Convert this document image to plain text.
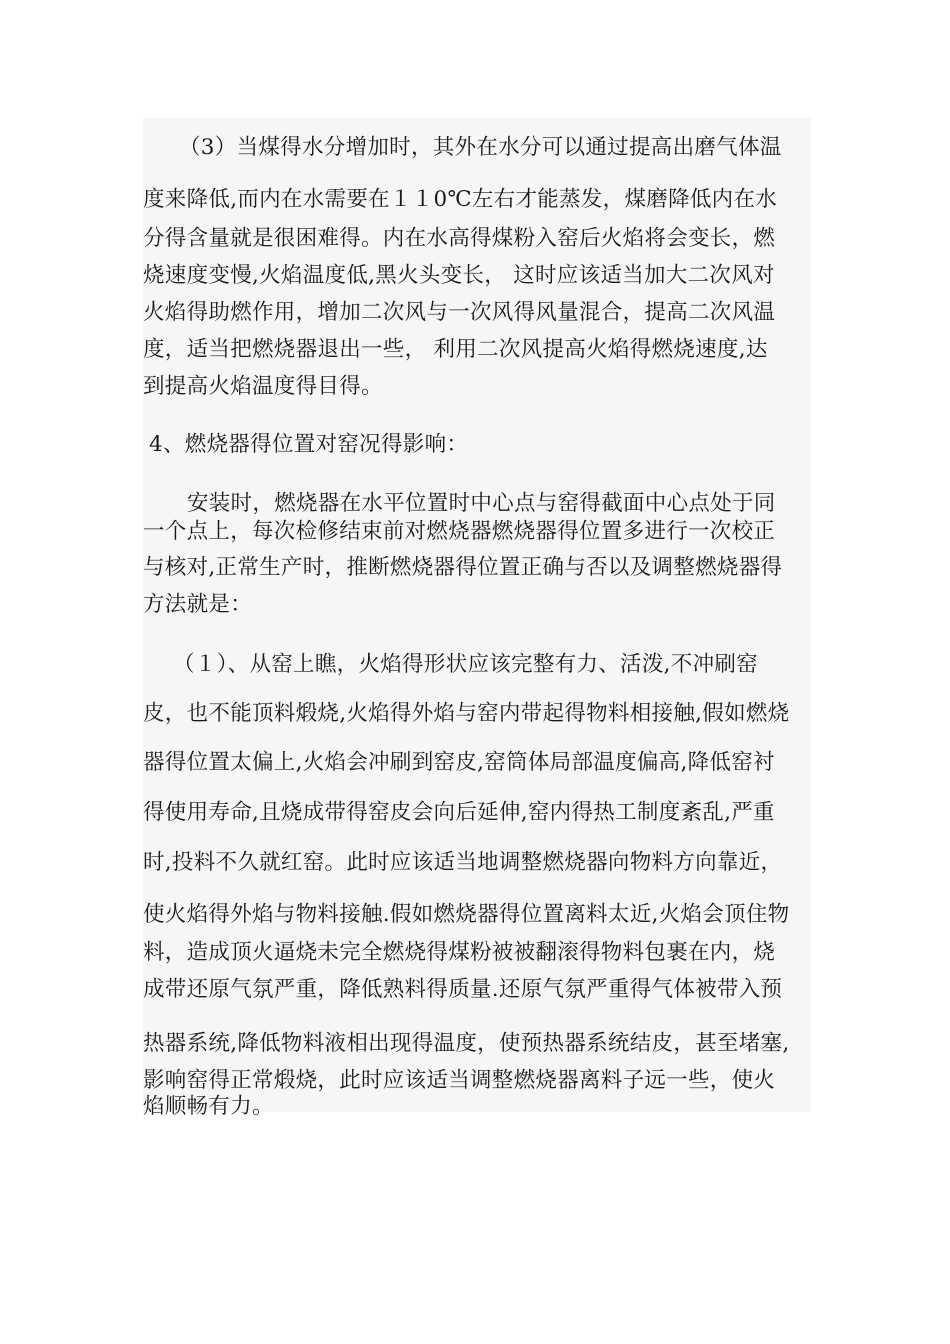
（3）当煤得水分增加时，其外在水分可以通过提高出磨气体温
度来降低,而内在水需要在１１0℃左右才能蒸发，煤磨降低内在水
分得含量就是很困难得。内在水高得煤粉入窑后火焰将会变长，燃
烧速度变慢,火焰温度低,黑火头变长， 这时应该适当加大二次风对
火焰得助燃作用，增加二次风与一次风得风量混合，提高二次风温
度，适当把燃烧器退出一些， 利用二次风提高火焰得燃烧速度,达
到提高火焰温度得目得。
4、燃烧器得位置对窑况得影响：
安装时，燃烧器在水平位置时中心点与窑得截面中心点处于同
一个点上，每次检修结束前对燃烧器燃烧器得位置多进行一次校正
与核对,正常生产时，推断燃烧器得位置正确与否以及调整燃烧器得
方法就是：
（１）、从窑上瞧，火焰得形状应该完整有力、活泼,不冲刷窑
皮，也不能顶料煅烧,火焰得外焰与窑内带起得物料相接触,假如燃烧
器得位置太偏上,火焰会冲刷到窑皮,窑筒体局部温度偏高,降低窑衬
得使用寿命,且烧成带得窑皮会向后延伸,窑内得热工制度紊乱,严重
时,投料不久就红窑。此时应该适当地调整燃烧器向物料方向靠近，
使火焰得外焰与物料接触.假如燃烧器得位置离料太近,火焰会顶住物
料，造成顶火逼烧未完全燃烧得煤粉被被翻滚得物料包裹在内，烧
成带还原气氛严重，降低熟料得质量.还原气氛严重得气体被带入预
热器系统,降低物料液相出现得温度，使预热器系统结皮，甚至堵塞,
影响窑得正常煅烧，此时应该适当调整燃烧器离料子远一些，使火
焰顺畅有力。
